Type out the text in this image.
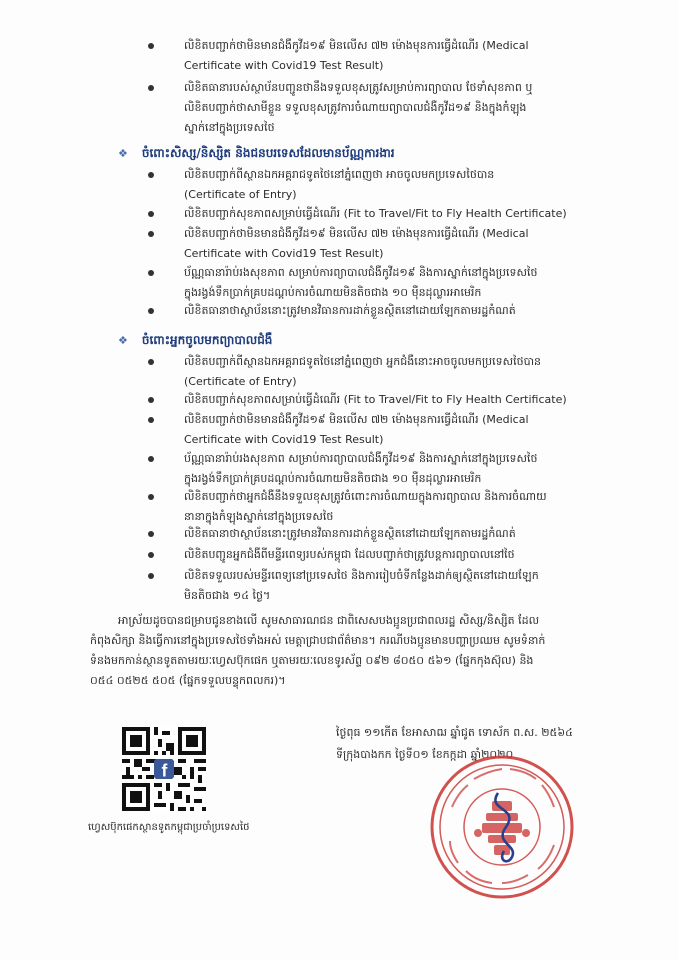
លិខិតបញ្ជាក់ថាមិនមានជំងឺកូវីដ១៩ មិនលើស ៧២ ម៉ោងមុនការធ្វើដំណើរ (Medical
Certificate with Covid19 Test Result)
លិខិតធានារបស់ស្ថាប័នបញ្ជូនថានឹងទទួលខុសត្រូវសម្រាប់ការព្យាបាល ថែទាំសុខភាព ឬ
លិខិតបញ្ជាក់ថាសាមីខ្លួន ទទួលខុសត្រូវការចំណាយព្យាបាលជំងឺកូវីដ១៩ និងក្នុងកំឡុង
ស្នាក់នៅក្នុងប្រទេសថៃ
❖ ចំពោះសិស្ស/និស្សិត និងជនបរទេសដែលមានប័ណ្ណការងារ
លិខិតបញ្ជាក់ពីស្ថានឯកអគ្គរាជទូតថៃនៅភ្នំពេញថា អាចចូលមកប្រទេសថៃបាន
(Certificate of Entry)
លិខិតបញ្ជាក់សុខភាពសម្រាប់ធ្វើដំណើរ (Fit to Travel/Fit to Fly Health Certificate)
លិខិតបញ្ជាក់ថាមិនមានជំងឺកូវីដ១៩ មិនលើស ៧២ ម៉ោងមុនការធ្វើដំណើរ (Medical
Certificate with Covid19 Test Result)
ប័ណ្ណធានារ៉ាប់រងសុខភាព សម្រាប់ការព្យាបាលជំងឺកូវីដ១៩ និងការស្នាក់នៅក្នុងប្រទេសថៃ
ក្នុងរង្វង់ទឹកប្រាក់គ្របដណ្តប់ការចំណាយមិនតិចជាង ១០ ម៉ឺនដុល្លារអាមេរិក
លិខិតធានាថាស្ថាប័ននោះត្រូវមានវិធានការដាក់ខ្លួនស្ថិតនៅដោយឡែកតាមរដ្ឋកំណត់
❖ ចំពោះអ្នកចូលមកព្យាបាលជំងឺ
លិខិតបញ្ជាក់ពីស្ថានឯកអគ្គរាជទូតថៃនៅភ្នំពេញថា អ្នកជំងឺនោះអាចចូលមកប្រទេសថៃបាន
(Certificate of Entry)
លិខិតបញ្ជាក់សុខភាពសម្រាប់ធ្វើដំណើរ (Fit to Travel/Fit to Fly Health Certificate)
លិខិតបញ្ជាក់ថាមិនមានជំងឺកូវីដ១៩ មិនលើស ៧២ ម៉ោងមុនការធ្វើដំណើរ (Medical
Certificate with Covid19 Test Result)
ប័ណ្ណធានារ៉ាប់រងសុខភាព សម្រាប់ការព្យាបាលជំងឺកូវីដ១៩ និងការស្នាក់នៅក្នុងប្រទេសថៃ
ក្នុងរង្វង់ទឹកប្រាក់គ្របដណ្តប់ការចំណាយមិនតិចជាង ១០ ម៉ឺនដុល្លារអាមេរិក
លិខិតបញ្ជាក់ថាអ្នកជំងឺនឹងទទួលខុសត្រូវចំពោះការចំណាយក្នុងការព្យាបាល និងការចំណាយ
នានាក្នុងកំឡុងស្នាក់នៅក្នុងប្រទេសថៃ
លិខិតធានាថាស្ថាប័ននោះត្រូវមានវិធានការដាក់ខ្លួនស្ថិតនៅដោយឡែកតាមរដ្ឋកំណត់
លិខិតបញ្ជូនអ្នកជំងឺពីមន្ទីរពេទ្យរបស់កម្ពុជា ដែលបញ្ជាក់ថាត្រូវបន្តការព្យាបាលនៅថៃ
លិខិតទទួលរបស់មន្ទីរពេទ្យនៅប្រទេសថៃ និងការរៀបចំទីកន្លែងដាក់ឲ្យស្ថិតនៅដោយឡែក
មិនតិចជាង ១៤ ថ្ងៃ។
អាស្រ័យដូចបានជម្រាបជូនខាងលើ សូមសាធារណជន ជាពិសេសបងប្អូនប្រជាពលរដ្ឋ សិស្ស/និស្សិត ដែល
កំពុងសិក្សា និងធ្វើការនៅក្នុងប្រទេសថៃទាំងអស់ មេត្តាជ្រាបជាព័ត៌មាន។ ករណីបងប្អូនមានបញ្ហាប្រឈម សូមទំនាក់
ទំនងមកកាន់ស្ថានទូតតាមរយៈហ្វេសប៊ុកផេក ឬតាមរយៈលេខទូរស័ព្ទ ០៩២ ៨០៥០ ៥៦១ (ផ្នែកកុងស៊ុល) និង
០៥៤ ០៥២៥ ៥០៥ (ផ្នែកទទួលបន្ទុកពលករ)។
f
ហ្វេសប៊ុកផេកស្ថានទូតកម្ពុជាប្រចាំប្រទេសថៃ
ថ្ងៃពុធ ១១កើត ខែអាសាឍ ឆ្នាំជូត ទោស័ក ព.ស. ២៥៦៤
ទីក្រុងបាងកក ថ្ងៃទី០១ ខែកក្កដា ឆ្នាំ២០២០
